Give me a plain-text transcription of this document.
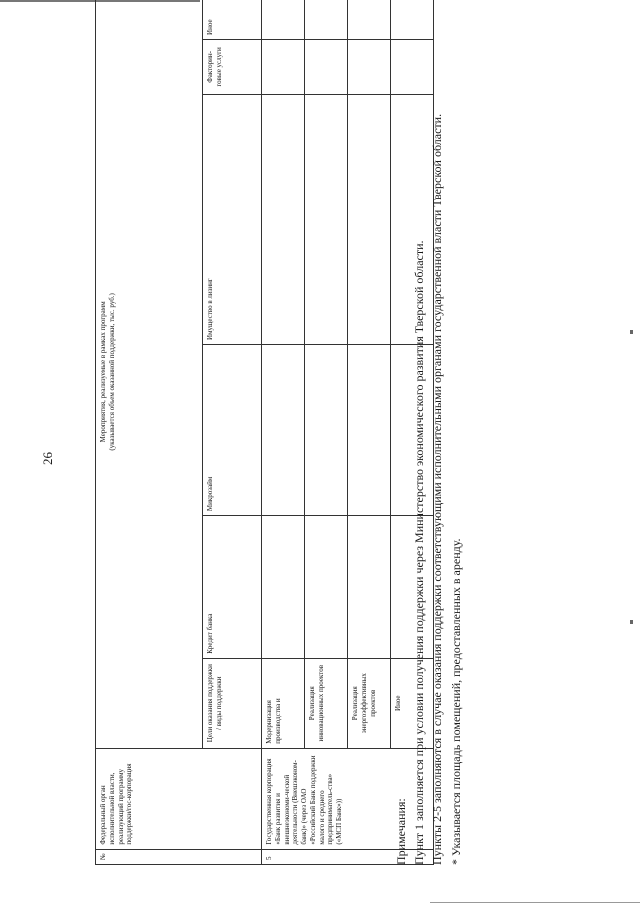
26
№	Федеральный орган исполнительной власти, реализующий программу поддержки/гос-корпорация	Мероприятия, реализуемые в рамках программ (указывается объем оказанной поддержки, тыс. руб.)					

		Цели оказания поддержки / виды поддержки	Кредит банка	Микрозайм	Имущество в лизинг	Факторин-говые услуги	Иное
5	Государственная корпорация «Банк развития и внешнеэкономи-ческой деятельности (Внешэконом-банк)» (через ОАО «Российский Банк поддержки малого и среднего предприниматель-ства» («МСП Банк»))	Модернизация производства и					
		Реализация инновационных проектов					
		Реализация энергоэффективных проектов					
		Иное					

Примечания: Пункт 1 заполняется при условии получения поддержки через Министерство экономического развития Тверской области. Пункты 2-5 заполняются в случае оказания поддержки соответствующими исполнительными органами государственной власти Тверской области. * Указывается площадь помещений, предоставленных в аренду.
